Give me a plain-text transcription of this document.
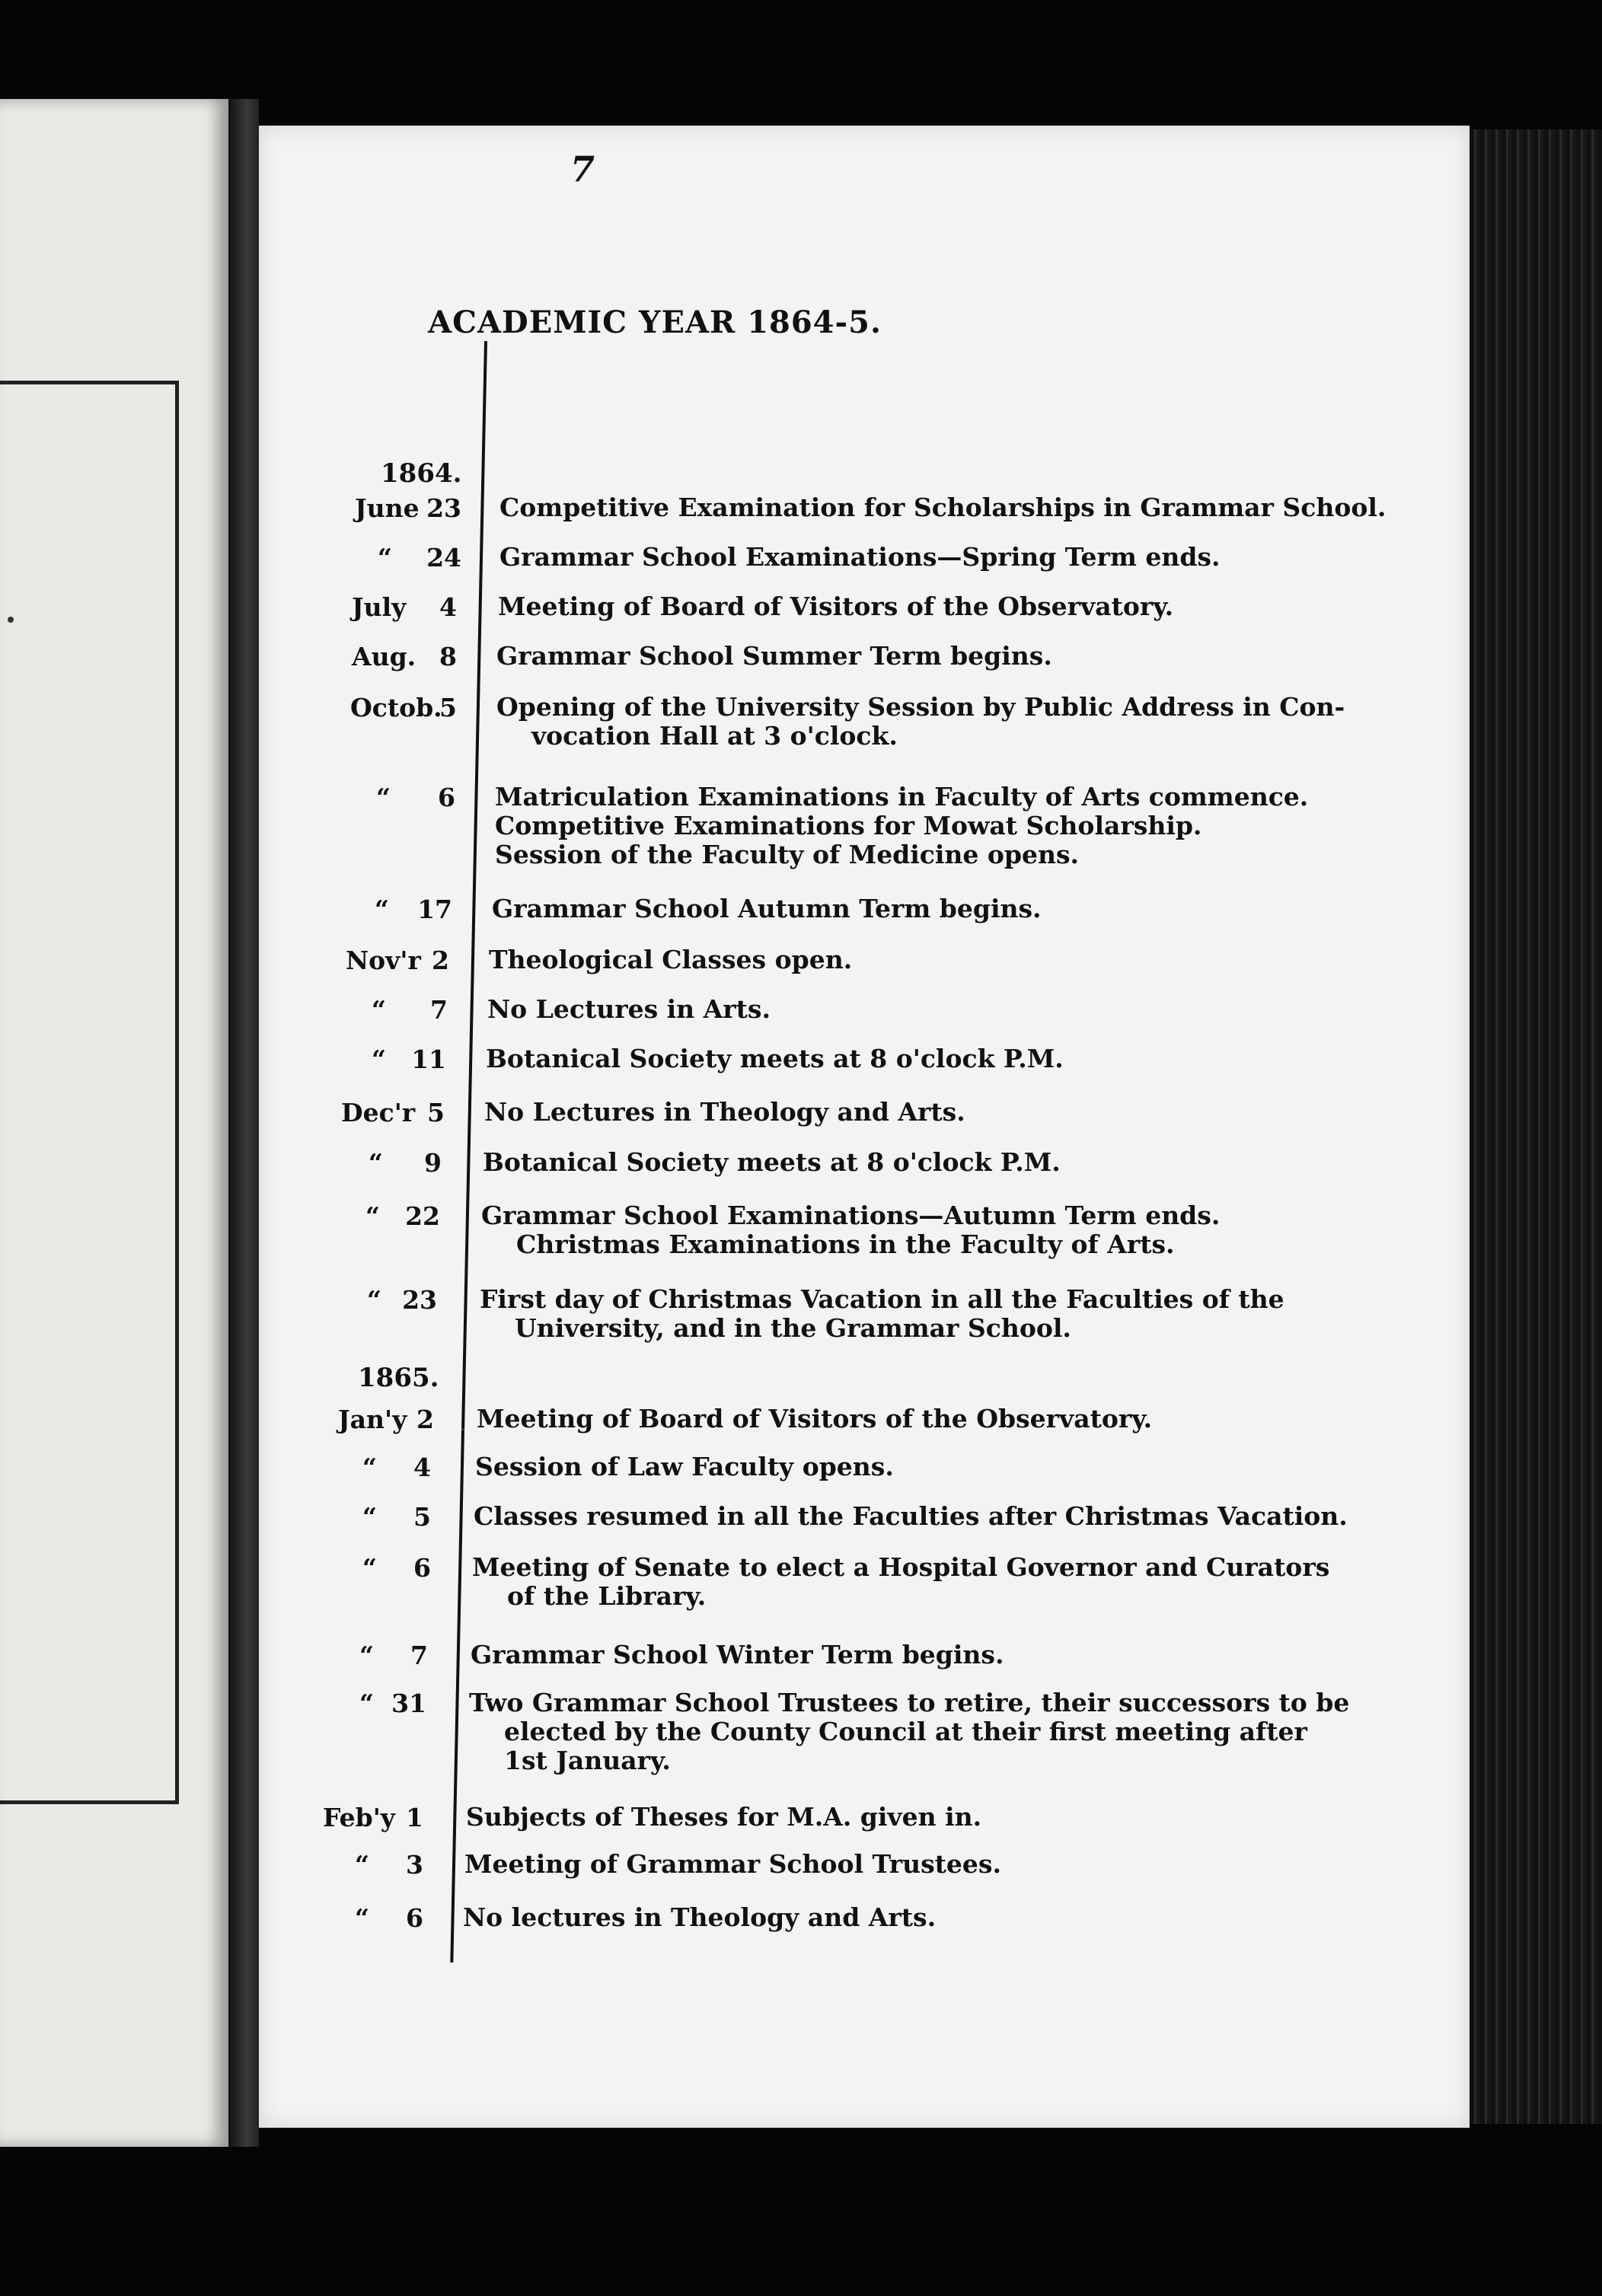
7
ACADEMIC YEAR 1864-5.
1864.
1865.
June 23 Competitive Examination for Scholarships in Grammar School.
“	24 Grammar School Examinations—Spring Term ends.
July	4 Meeting of Board of Visitors of the Observatory.
Aug. 8 Grammar School Summer Term begins.
Octob.
5 Opening of the University Session by Public Address in Con-
vocation Hall at 3 o'clock.
“	6 Matriculation Examinations in Faculty of Arts commence.
Competitive Examinations for Mowat Scholarship.
Session of the Faculty of Medicine opens.
“	17 Grammar School Autumn Term begins.
Nov'r 2 Theological Classes open.
“	7 No Lectures in Arts.
“	11 Botanical Society meets at 8 o'clock P.M.
Dec'r 5 No Lectures in Theology and Arts.
“	9 Botanical Society meets at 8 o'clock P.M.
“	22 Grammar School Examinations—Autumn Term ends.
Christmas Examinations in the Faculty of Arts.
“ 23 First day of Christmas Vacation in all the Faculties of the
University, and in the Grammar School.
Jan'y 2 Meeting of Board of Visitors of the Observatory.
“	4 Session of Law Faculty opens.
“	5 Classes resumed in all the Faculties after Christmas Vacation.
“	6 Meeting of Senate to elect a Hospital Governor and Curators
of the Library.
“	7 Grammar School Winter Term begins.
“ 31 Two Grammar School Trustees to retire, their successors to be
elected by the County Council at their first meeting after
1st January.
Feb'y 1 Subjects of Theses for M.A. given in.
“	3 Meeting of Grammar School Trustees.
“	6 No lectures in Theology and Arts.
